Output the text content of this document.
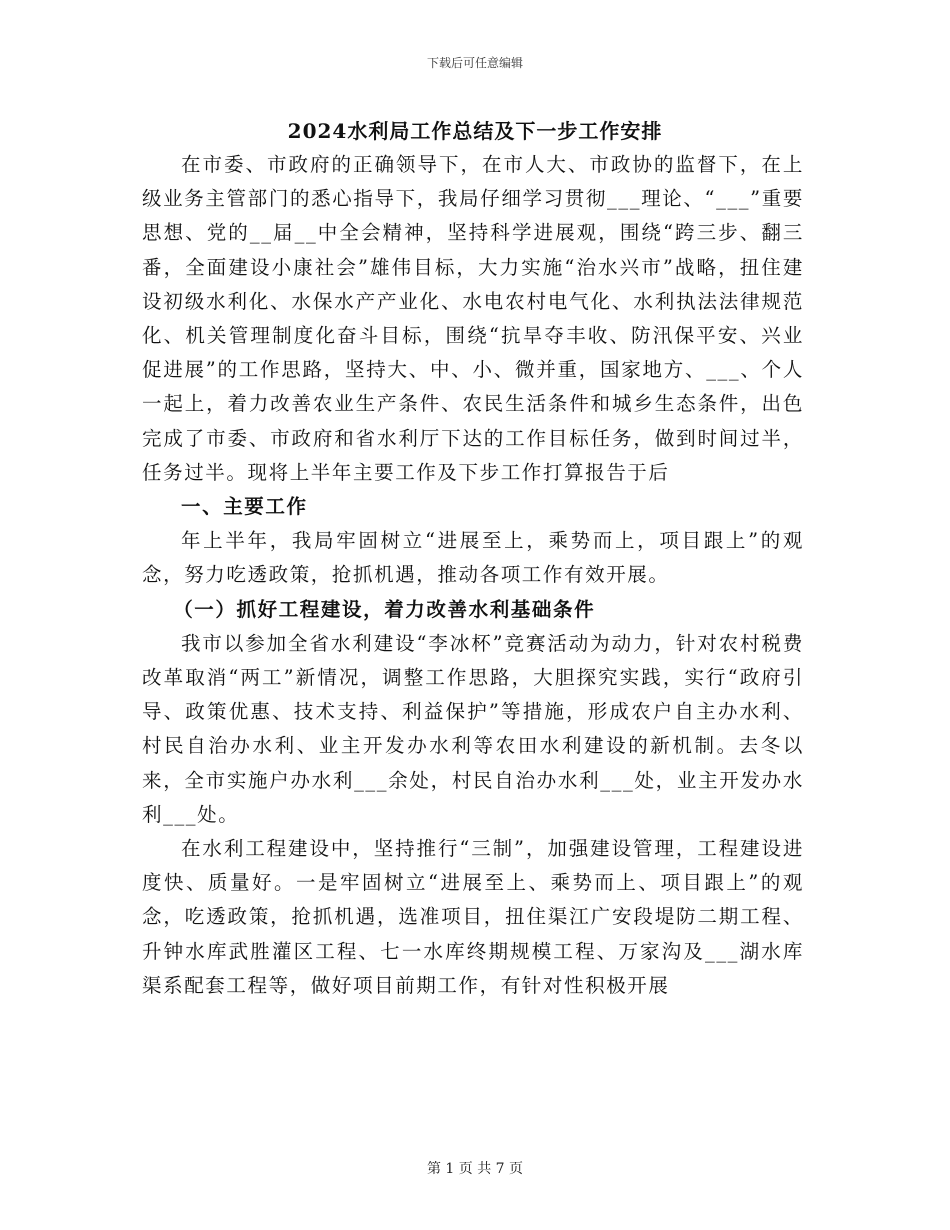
下载后可任意编辑
2024水利局工作总结及下一步工作安排

在市委、市政府的正确领导下，在市人大、市政协的监督下，在上级业务主管部门的悉心指导下，我局仔细学习贯彻___理论、“___”重要思想、党的__届__中全会精神，坚持科学进展观，围绕“跨三步、翻三番，全面建设小康社会”雄伟目标，大力实施“治水兴市”战略，扭住建设初级水利化、水保水产产业化、水电农村电气化、水利执法法律规范化、机关管理制度化奋斗目标，围绕“抗旱夺丰收、防汛保平安、兴业促进展”的工作思路，坚持大、中、小、微并重，国家地方、___、个人一起上，着力改善农业生产条件、农民生活条件和城乡生态条件，出色完成了市委、市政府和省水利厅下达的工作目标任务，做到时间过半，任务过半。现将上半年主要工作及下步工作打算报告于后

一、主要工作

年上半年，我局牢固树立“进展至上，乘势而上，项目跟上”的观念，努力吃透政策，抢抓机遇，推动各项工作有效开展。

（一）抓好工程建设，着力改善水利基础条件

我市以参加全省水利建设“李冰杯”竞赛活动为动力，针对农村税费改革取消“两工”新情况，调整工作思路，大胆探究实践，实行“政府引导、政策优惠、技术支持、利益保护”等措施，形成农户自主办水利、村民自治办水利、业主开发办水利等农田水利建设的新机制。去冬以来，全市实施户办水利___余处，村民自治办水利___处，业主开发办水利___处。

在水利工程建设中，坚持推行“三制”，加强建设管理，工程建设进度快、质量好。一是牢固树立“进展至上、乘势而上、项目跟上”的观念，吃透政策，抢抓机遇，选准项目，扭住渠江广安段堤防二期工程、升钟水库武胜灌区工程、七一水库终期规模工程、万家沟及___湖水库渠系配套工程等，做好项目前期工作，有针对性积极开展

第 1 页 共 7 页
